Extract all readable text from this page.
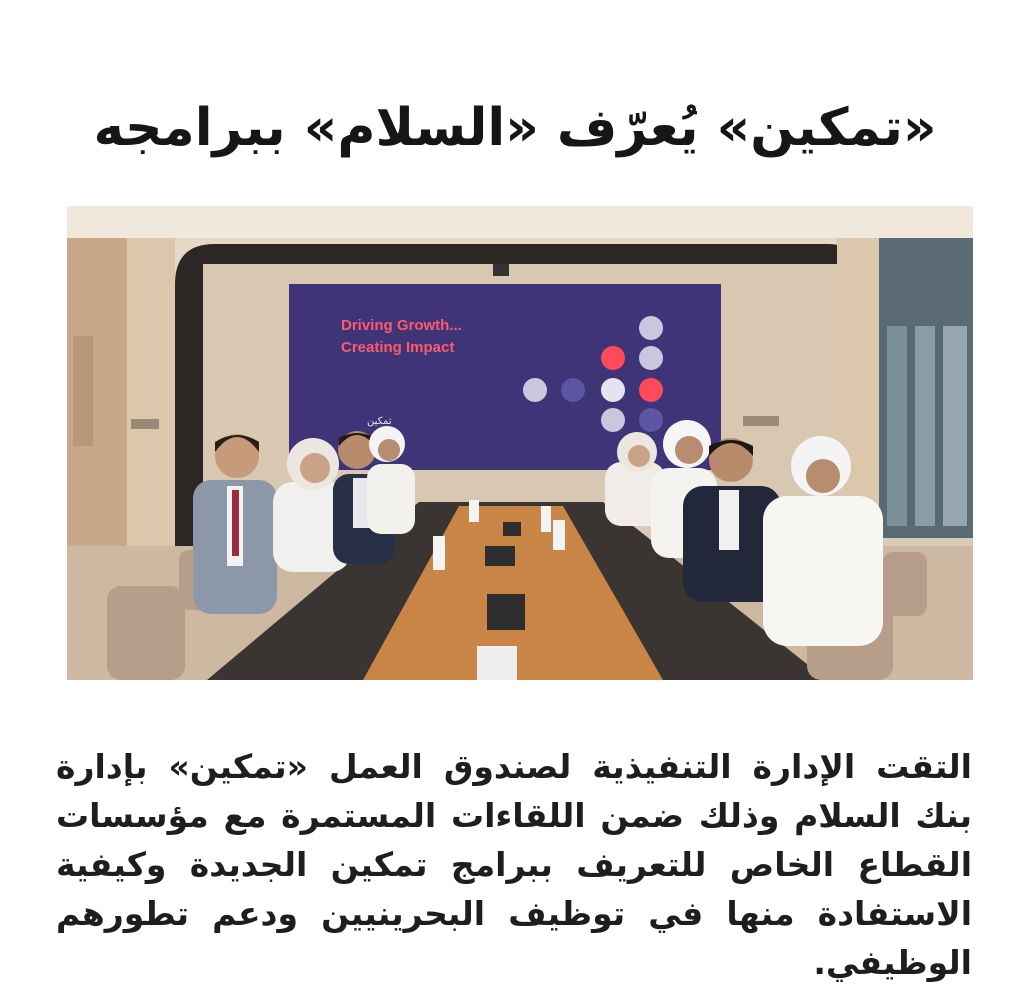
«تمكين» يُعرّف «السلام» ببرامجه
Driving Growth...
Creating Impact
تمكين

التقت الإدارة التنفيذية لصندوق العمل «تمكين» بإدارة بنك السلام وذلك ضمن اللقاءات المستمرة مع مؤسسات القطاع الخاص للتعريف ببرامج تمكين الجديدة وكيفية الاستفادة منها في توظيف البحرينيين ودعم تطورهم الوظيفي.
